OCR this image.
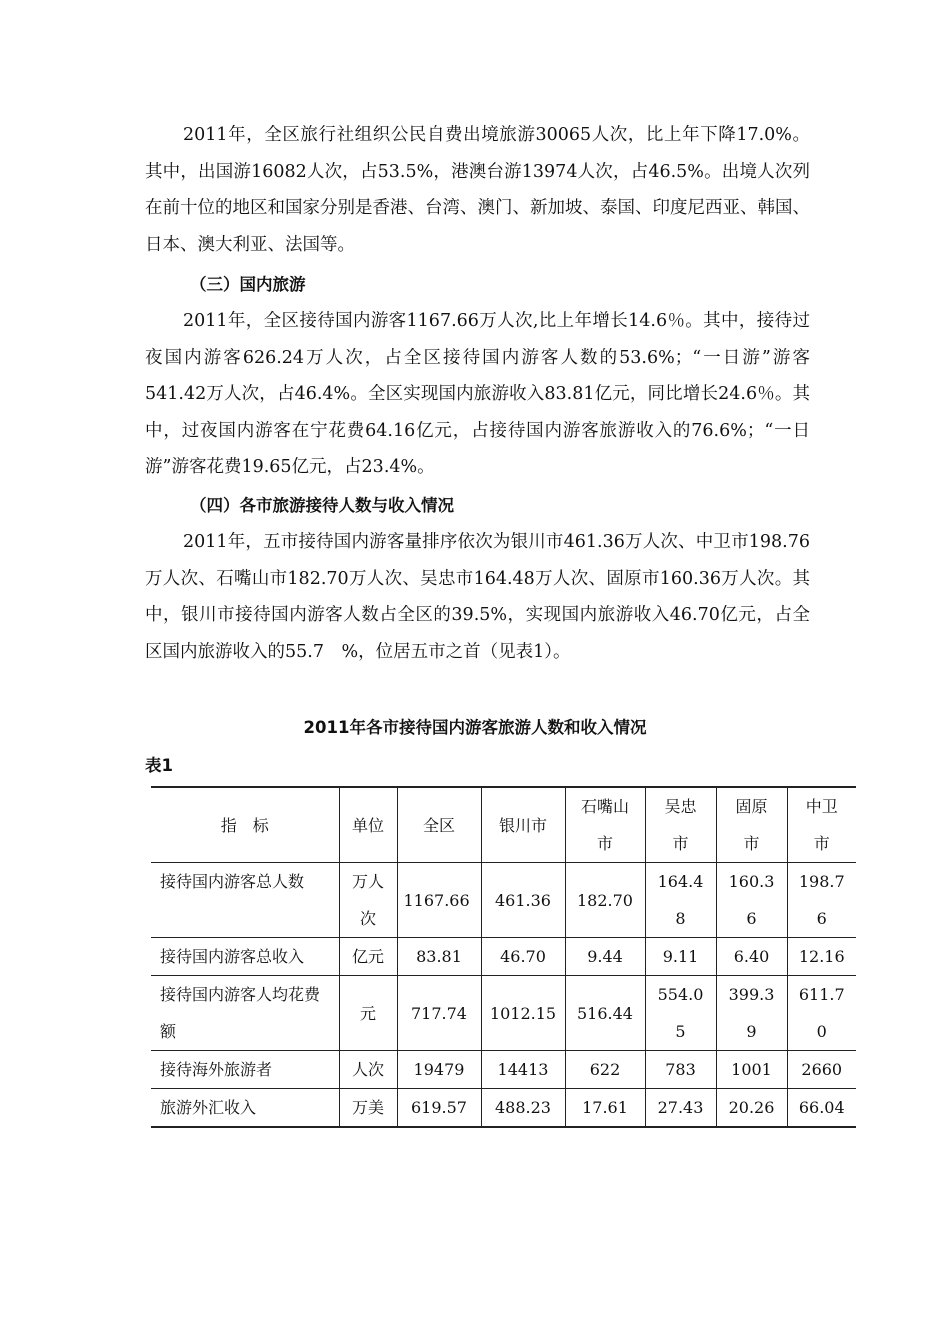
2011年，全区旅行社组织公民自费出境旅游30065人次，比上年下降17.0%。其中，出国游16082人次，占53.5%，港澳台游13974人次，占46.5%。出境人次列在前十位的地区和国家分别是香港、台湾、澳门、新加坡、泰国、印度尼西亚、韩国、日本、澳大利亚、法国等。

（三）国内旅游

2011年，全区接待国内游客1167.66万人次,比上年增长14.6％。其中，接待过夜国内游客626.24万人次，占全区接待国内游客人数的53.6%；“一日游”游客541.42万人次，占46.4%。全区实现国内旅游收入83.81亿元，同比增长24.6％。其中，过夜国内游客在宁花费64.16亿元，占接待国内游客旅游收入的76.6%；“一日游”游客花费19.65亿元，占23.4%。

（四）各市旅游接待人数与收入情况

2011年，五市接待国内游客量排序依次为银川市461.36万人次、中卫市198.76万人次、石嘴山市182.70万人次、吴忠市164.48万人次、固原市160.36万人次。其中，银川市接待国内游客人数占全区的39.5%，实现国内旅游收入46.70亿元，占全区国内旅游收入的55.7　%，位居五市之首（见表1）。

2011年各市接待国内游客旅游人数和收入情况

表1

指　标	单位	全区	银川市	石嘴山市	吴忠市	固原市	中卫市
接待国内游客总人数	万人次	1167.66	461.36	182.70	164.48	160.36	198.76
接待国内游客总收入	亿元	83.81	46.70	9.44	9.11	6.40	12.16
接待国内游客人均花费额	元	717.74	1012.15	516.44	554.05	399.39	611.70
接待海外旅游者	人次	19479	14413	622	783	1001	2660
旅游外汇收入	万美	619.57	488.23	17.61	27.43	20.26	66.04
